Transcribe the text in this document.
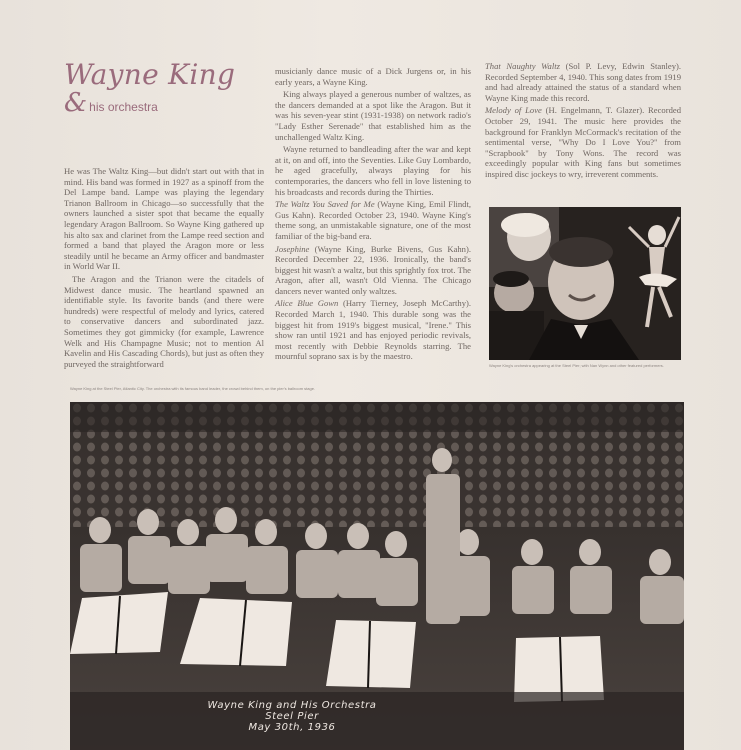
Wayne King
& his orchestra

He was The Waltz King—but didn't start out with that in mind. His band was formed in 1927 as a spinoff from the Del Lampe band. Lampe was playing the legendary Trianon Ballroom in Chicago—so successfully that the owners launched a sister spot that became the equally legendary Aragon Ballroom. So Wayne King gathered up his alto sax and clarinet from the Lampe reed section and formed a band that played the Aragon more or less steadily until he became an Army officer and bandmaster in World War II.

The Aragon and the Trianon were the citadels of Midwest dance music. The heartland spawned an identifiable style. Its favorite bands (and there were hundreds) were respectful of melody and lyrics, catered to conservative dancers and subordinated jazz. Sometimes they got gimmicky (for example, Lawrence Welk and His Champagne Music; not to mention Al Kavelin and His Cascading Chords), but just as often they purveyed the straightforward

musicianly dance music of a Dick Jurgens or, in his early years, a Wayne King.

King always played a generous number of waltzes, as the dancers demanded at a spot like the Aragon. But it was his seven-year stint (1931-1938) on network radio's "Lady Esther Serenade" that established him as the unchallenged Waltz King.

Wayne returned to bandleading after the war and kept at it, on and off, into the Seventies. Like Guy Lombardo, he aged gracefully, always playing for his contemporaries, the dancers who fell in love listening to his broadcasts and records during the Thirties.

The Waltz You Saved for Me (Wayne King, Emil Flindt, Gus Kahn). Recorded October 23, 1940. Wayne King's theme song, an unmistakable signature, one of the most familiar of the big-band era.

Josephine (Wayne King, Burke Bivens, Gus Kahn). Recorded December 22, 1936. Ironically, the band's biggest hit wasn't a waltz, but this sprightly fox trot. The Aragon, after all, wasn't Old Vienna. The Chicago dancers never wanted only waltzes.

Alice Blue Gown (Harry Tierney, Joseph McCarthy). Recorded March 1, 1940. This durable song was the biggest hit from 1919's biggest musical, "Irene." This show ran until 1921 and has enjoyed periodic revivals, most recently with Debbie Reynolds starring. The mournful soprano sax is by the maestro.

That Naughty Waltz (Sol P. Levy, Edwin Stanley). Recorded September 4, 1940. This song dates from 1919 and had already attained the status of a standard when Wayne King made this record.

Melody of Love (H. Engelmann, T. Glazer). Recorded October 29, 1941. The music here provides the background for Franklyn McCormack's recitation of the sentimental verse, "Why Do I Love You?" from "Scrapbook" by Tony Wons. The record was exceedingly popular with King fans but sometimes inspired disc jockeys to wry, irreverent comments.

Wayne King's orchestra appearing at the Steel Pier; with Nan Wynn and other featured performers.
Wayne King at the Steel Pier, Atlantic City. The orchestra with its famous band leader, the crowd behind them, on the pier's ballroom stage.
Wayne King and His Orchestra
Steel Pier
May 30th, 1936
